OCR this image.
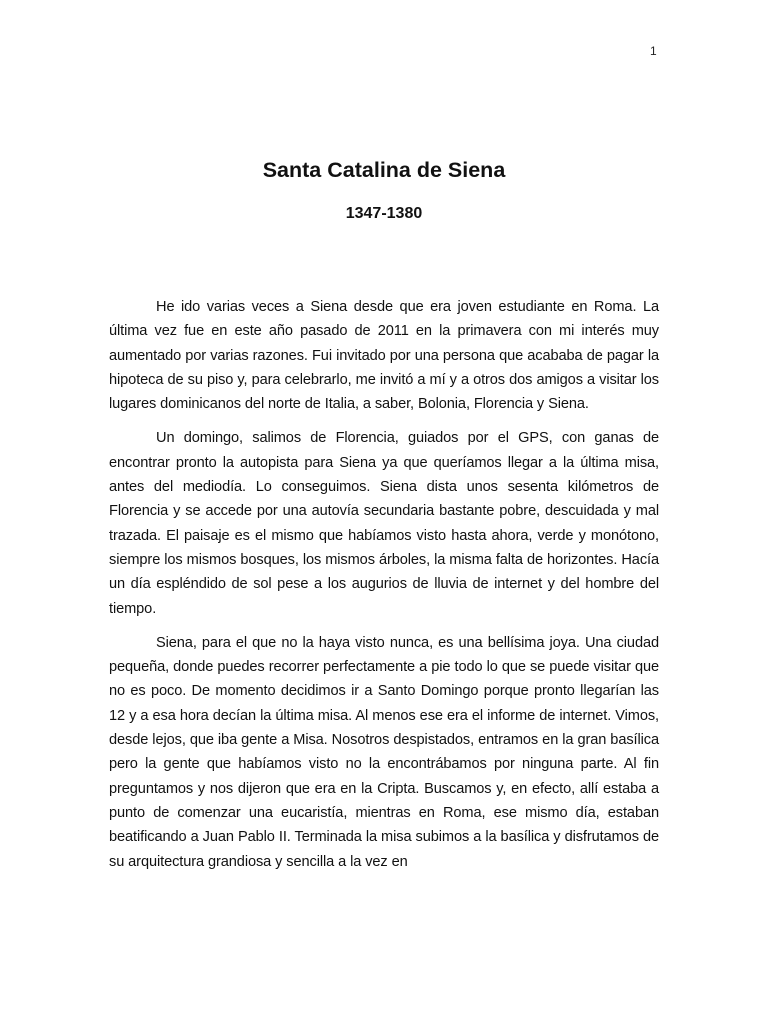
1
Santa Catalina de Siena
1347-1380

He ido varias veces a Siena desde que era joven estudiante en Roma. La última vez fue en este año pasado de 2011 en la primavera con mi interés muy aumentado por varias razones. Fui invitado por una persona que acababa de pagar la hipoteca de su piso y, para celebrarlo, me invitó a mí y a otros dos amigos a visitar los lugares dominicanos del norte de Italia, a saber, Bolonia, Florencia y Siena.

Un domingo, salimos de Florencia, guiados por el GPS, con ganas de encontrar pronto la autopista para Siena ya que queríamos llegar a la última misa, antes del mediodía. Lo conseguimos. Siena dista unos sesenta kilómetros de Florencia y se accede por una autovía secundaria bastante pobre, descuidada y mal trazada. El paisaje es el mismo que habíamos visto hasta ahora, verde y monótono, siempre los mismos bosques, los mismos árboles, la misma falta de horizontes. Hacía un día espléndido de sol pese a los augurios de lluvia de internet y del hombre del tiempo.

Siena, para el que no la haya visto nunca, es una bellísima joya. Una ciudad pequeña, donde puedes recorrer perfectamente a pie todo lo que se puede visitar que no es poco. De momento decidimos ir a Santo Domingo porque pronto llegarían las 12 y a esa hora decían la última misa. Al menos ese era el informe de internet. Vimos, desde lejos, que iba gente a Misa. Nosotros despistados, entramos en la gran basílica pero la gente que habíamos visto no la encontrábamos por ninguna parte. Al fin preguntamos y nos dijeron que era en la Cripta. Buscamos y, en efecto, allí estaba a punto de comenzar una eucaristía, mientras en Roma, ese mismo día, estaban beatificando a Juan Pablo II. Terminada la misa subimos a la basílica y disfrutamos de su arquitectura grandiosa y sencilla a la vez en
